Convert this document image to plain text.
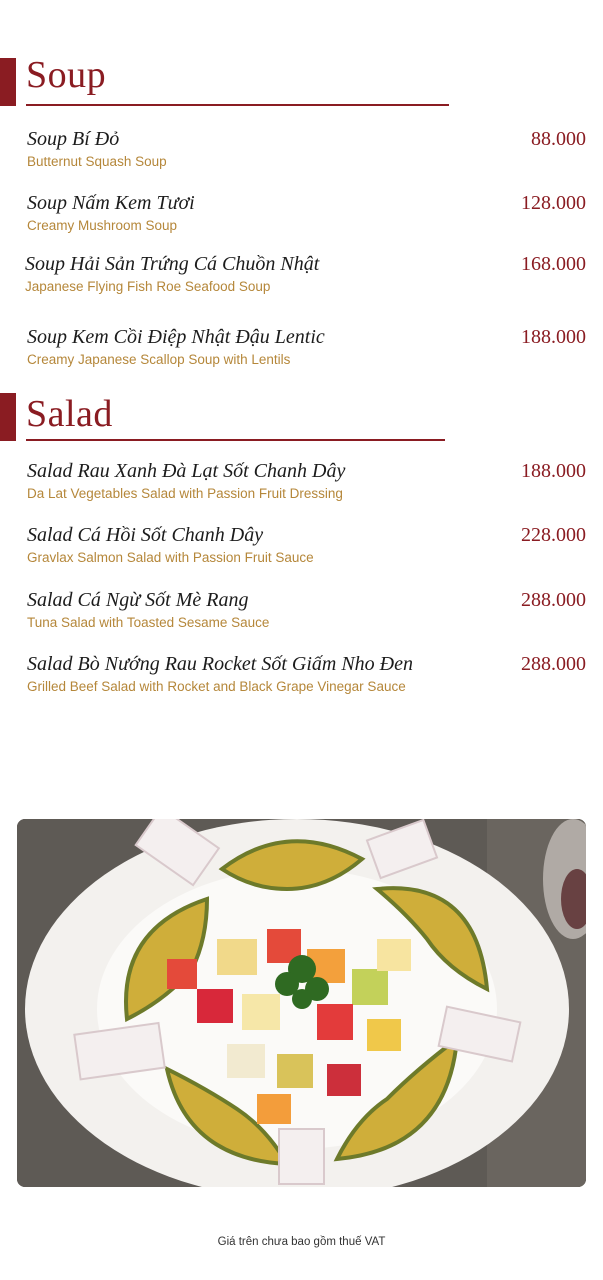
Soup
Soup Bí Đỏ
Butternut Squash Soup
88.000
Soup Nấm Kem Tươi
Creamy Mushroom Soup
128.000
Soup Hải Sản Trứng Cá Chuồn Nhật
Japanese Flying Fish Roe Seafood Soup
168.000
Soup Kem Cồi Điệp Nhật Đậu Lentic
Creamy Japanese Scallop Soup with Lentils
188.000
Salad
Salad Rau Xanh Đà Lạt Sốt Chanh Dây
Da Lat Vegetables Salad with Passion Fruit Dressing
188.000
Salad Cá Hồi Sốt Chanh Dây
Gravlax Salmon Salad with Passion Fruit Sauce
228.000
Salad Cá Ngừ Sốt Mè Rang
Tuna Salad with Toasted Sesame Sauce
288.000
Salad Bò Nướng Rau Rocket Sốt Giấm Nho Đen
Grilled Beef Salad with Rocket and Black Grape Vinegar Sauce
288.000
Giá trên chưa bao gồm thuế VAT
